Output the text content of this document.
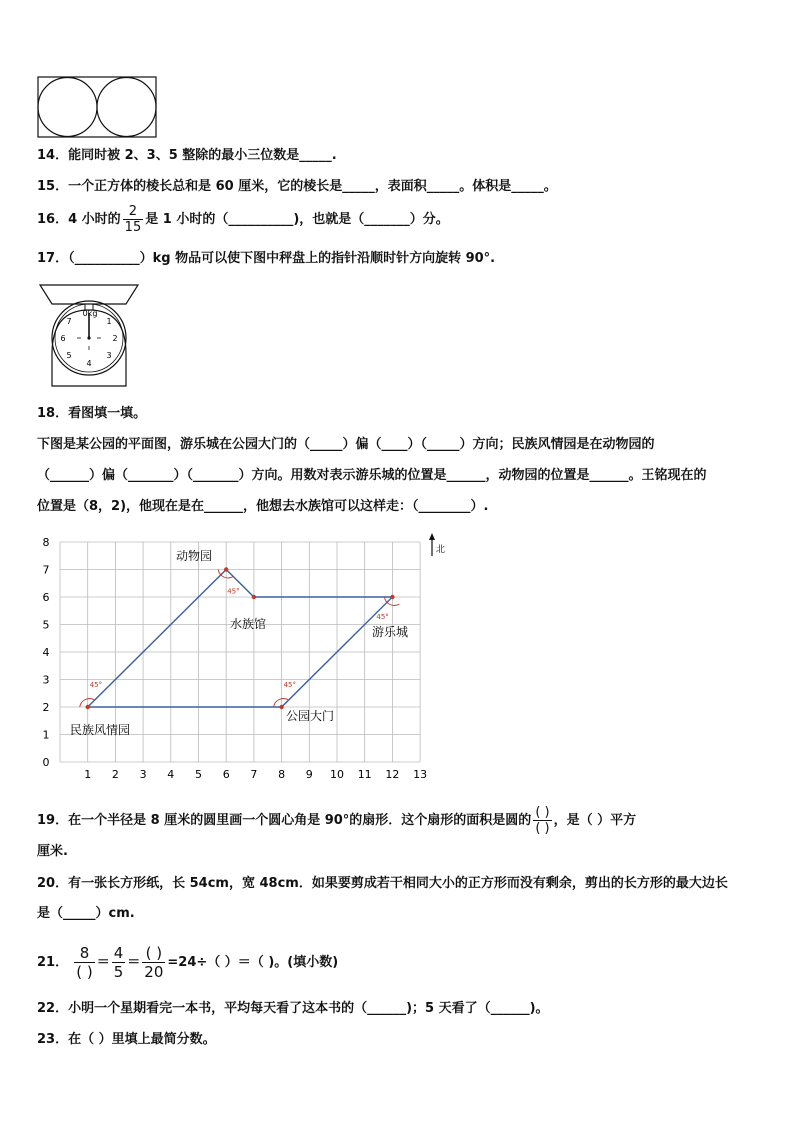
14．能同时被 2、3、5 整除的最小三位数是_____.
15．一个正方体的棱长总和是 60 厘米，它的棱长是_____，表面积_____。体积是_____。
16．4 小时的 $\frac{2}{15}$ 是 1 小时的（__________)，也就是（_______）分。
17．（__________）kg 物品可以使下图中秤盘上的指针沿顺时针方向旋转 90°.
0kg
1
2
3
4
5
6
7
18．看图填一填。
下图是某公园的平面图，游乐城在公园大门的（_____）偏（____）（_____）方向；民族风情园是在动物园的
（______）偏（_______）（_______）方向。用数对表示游乐城的位置是______，动物园的位置是______。王铭现在的
位置是（8，2)，他现在是在______，他想去水族馆可以这样走：（________）.
1 2 3 4 5 6 7 8 9 10 11 12 13
0
1
2
3
4
5
6
7
8
45°	45°
45°
45°
动物园
水族馆
游乐城
民族风情园
公园大门
北
19．在一个半径是 8 厘米的圆里画一个圆心角是 90°的扇形．这个扇形的面积是圆的 $\frac{( )}{( )}$ ，是（ ）平方
厘米.
20．有一张长方形纸，长 54cm，宽 48cm．如果要剪成若干相同大小的正方形而没有剩余，剪出的长方形的最大边长
是（_____）cm.
21． $\frac{8}{( )} = \frac{4}{5} = \frac{( )}{20} =24\div$（ ）＝（ )。(填小数)
22．小明一个星期看完一本书，平均每天看了这本书的（______)；5 天看了（______)。
23．在（ ）里填上最简分数。
